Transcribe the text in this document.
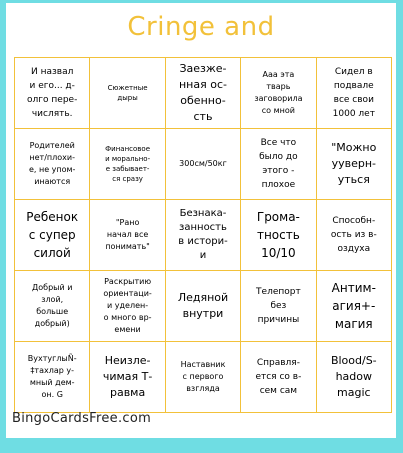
Cringe and
И назвал
и его... д-
олго пере-
числять.
Сюжетные
дыры
Заезже-
нная ос-
обенно-
сть
Ааа эта
тварь
заговорила
со мной
Сидел в
подвале
все свои
1000 лет
Родителей
нет/плохи-
е, не упом-
инаются
Финансовое
и морально-
е забывает-
ся сразу
300см/50кг
Все что
было до
этого -
плохое
"Можно
ууверн-
уться
Ребенок
с супер
силой
"Рано
начал все
понимать"
Безнака-
занность
в истори-
и
Грома-
тность
10/10
Способн-
ость из в-
оздуха
Добрый и
злой,
больше
добрый)
Раскрытию
ориентаци-
и уделен-
о много вр-
емени
Ледяной
внутри
Телепорт
без
причины
Антим-
агия+-
магия
ВухтуглыÑ-
‡тахлар у-
мный дем-
он. G
Неизле-
чимая Т-
равма
Наставник
с первого
взгляда
Справля-
ется со в-
сем сам
Blood/S-
hadow
magic
BingoCardsFree.com
